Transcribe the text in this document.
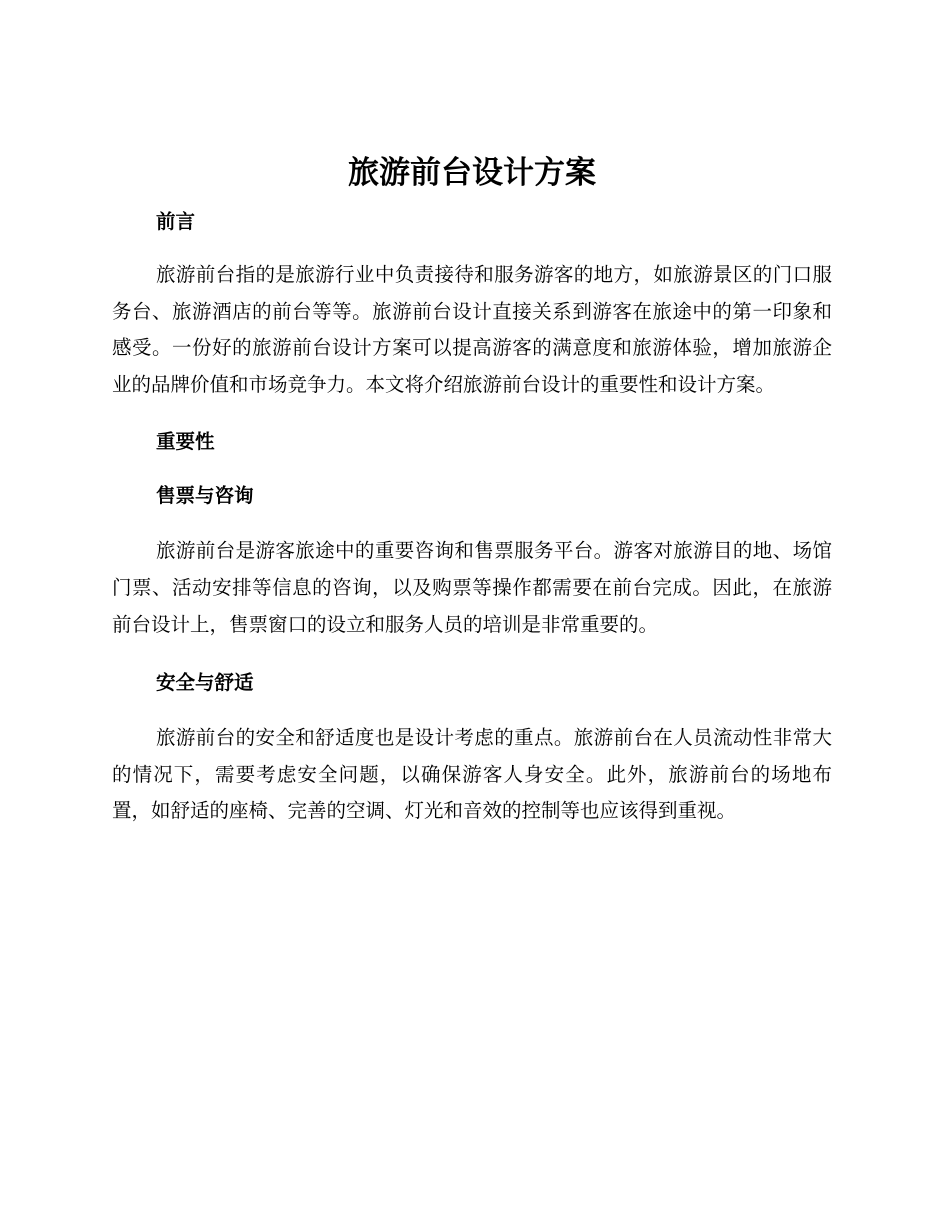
旅游前台设计方案
前言

旅游前台指的是旅游行业中负责接待和服务游客的地方，如旅游景区的门口服务台、旅游酒店的前台等等。旅游前台设计直接关系到游客在旅途中的第一印象和感受。一份好的旅游前台设计方案可以提高游客的满意度和旅游体验，增加旅游企业的品牌价值和市场竞争力。本文将介绍旅游前台设计的重要性和设计方案。

重要性
售票与咨询

旅游前台是游客旅途中的重要咨询和售票服务平台。游客对旅游目的地、场馆门票、活动安排等信息的咨询，以及购票等操作都需要在前台完成。因此，在旅游前台设计上，售票窗口的设立和服务人员的培训是非常重要的。

安全与舒适

旅游前台的安全和舒适度也是设计考虑的重点。旅游前台在人员流动性非常大的情况下，需要考虑安全问题，以确保游客人身安全。此外，旅游前台的场地布置，如舒适的座椅、完善的空调、灯光和音效的控制等也应该得到重视。
